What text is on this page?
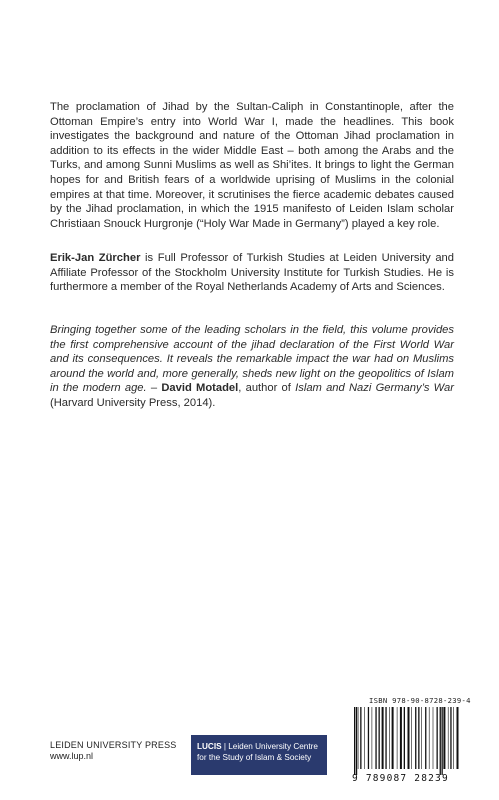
The proclamation of Jihad by the Sultan-Caliph in Constantinople, after the Ottoman Empire’s entry into World War I, made the headlines. This book investigates the background and nature of the Ottoman Jihad proclamation in addition to its effects in the wider Middle East – both among the Arabs and the Turks, and among Sunni Muslims as well as Shi’ites. It brings to light the German hopes for and British fears of a worldwide uprising of Muslims in the colonial empires at that time. Moreover, it scrutinises the fierce academic debates caused by the Jihad proclamation, in which the 1915 manifesto of Leiden Islam scholar Christiaan Snouck Hurgronje (“Holy War Made in Germany”) played a key role.

Erik-Jan Zürcher is Full Professor of Turkish Studies at Leiden University and Affiliate Professor of the Stockholm University Institute for Turkish Studies. He is furthermore a member of the Royal Netherlands Academy of Arts and Sciences.

Bringing together some of the leading scholars in the field, this volume provides the first comprehensive account of the jihad declaration of the First World War and its consequences. It reveals the remarkable impact the war had on Muslims around the world and, more generally, sheds new light on the geopolitics of Islam in the modern age. – David Motadel, author of Islam and Nazi Germany’s War (Harvard University Press, 2014).

LEIDEN UNIVERSITY PRESS
www.lup.nl
LUCIS | Leiden University Centre
for the Study of Islam & Society
ISBN 978-90-8728-239-4
9 789087 28239
